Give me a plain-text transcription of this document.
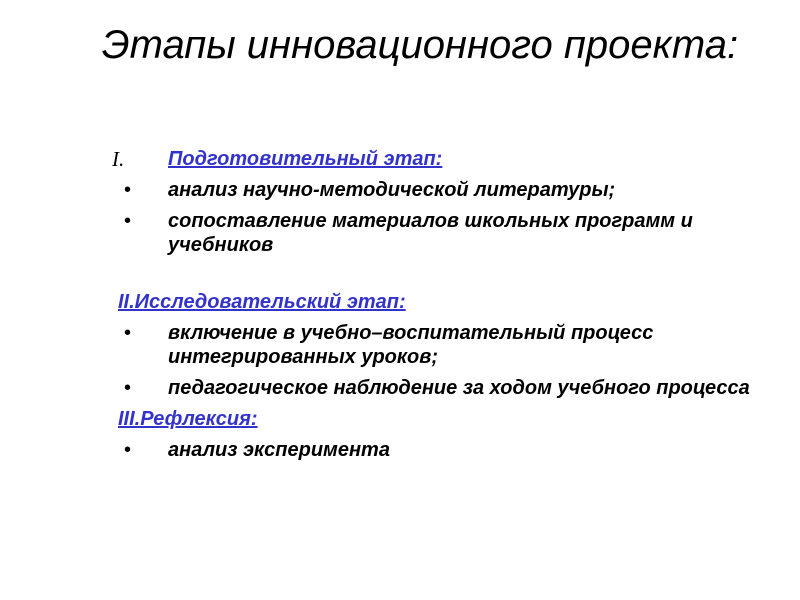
Этапы инновационного проекта:
I.	Подготовительный этап:
•	анализ научно-методической литературы;
•	сопоставление материалов школьных программ и учебников
II.Исследовательский этап:
•	включение в учебно–воспитательный процесс интегрированных уроков;
•	педагогическое наблюдение за ходом учебного процесса
III.Рефлексия:
•	анализ эксперимента
